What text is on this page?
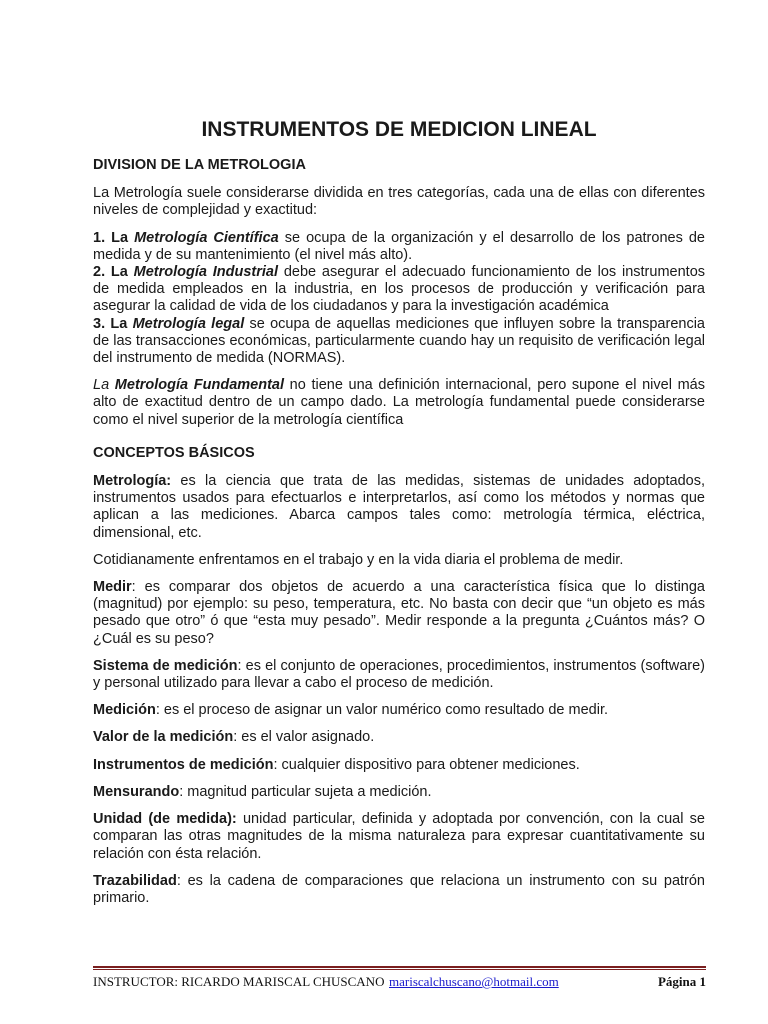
INSTRUMENTOS DE MEDICION LINEAL
DIVISION DE LA METROLOGIA

La Metrología suele considerarse dividida en tres categorías, cada una de ellas con diferentes niveles de complejidad y exactitud:

1. La Metrología Científica se ocupa de la organización y el desarrollo de los patrones de medida y de su mantenimiento (el nivel más alto).

2. La Metrología Industrial debe asegurar el adecuado funcionamiento de los instrumentos de medida empleados en la industria, en los procesos de producción y verificación para asegurar la calidad de vida de los ciudadanos y para la investigación académica

3. La Metrología legal se ocupa de aquellas mediciones que influyen sobre la transparencia de las transacciones económicas, particularmente cuando hay un requisito de verificación legal del instrumento de medida (NORMAS).

La Metrología Fundamental no tiene una definición internacional, pero supone el nivel más alto de exactitud dentro de un campo dado. La metrología fundamental puede considerarse como el nivel superior de la metrología científica

CONCEPTOS BÁSICOS

Metrología: es la ciencia que trata de las medidas, sistemas de unidades adoptados, instrumentos usados para efectuarlos e interpretarlos, así como los métodos y normas que aplican a las mediciones. Abarca campos tales como: metrología térmica, eléctrica, dimensional, etc.

Cotidianamente enfrentamos en el trabajo y en la vida diaria el problema de medir.

Medir: es comparar dos objetos de acuerdo a una característica física que lo distinga (magnitud) por ejemplo: su peso, temperatura, etc. No basta con decir que “un objeto es más pesado que otro” ó que “esta muy pesado”. Medir responde a la pregunta ¿Cuántos más? O ¿Cuál es su peso?

Sistema de medición: es el conjunto de operaciones, procedimientos, instrumentos (software) y personal utilizado para llevar a cabo el proceso de medición.

Medición: es el proceso de asignar un valor numérico como resultado de medir.

Valor de la medición: es el valor asignado.

Instrumentos de medición: cualquier dispositivo para obtener mediciones.

Mensurando: magnitud particular sujeta a medición.

Unidad (de medida): unidad particular, definida y adoptada por convención, con la cual se comparan las otras magnitudes de la misma naturaleza para expresar cuantitativamente su relación con ésta relación.

Trazabilidad: es la cadena de comparaciones que relaciona un instrumento con su patrón primario.

INSTRUCTOR: RICARDO MARISCAL CHUSCANO mariscalchuscano@hotmail.com	Página 1
